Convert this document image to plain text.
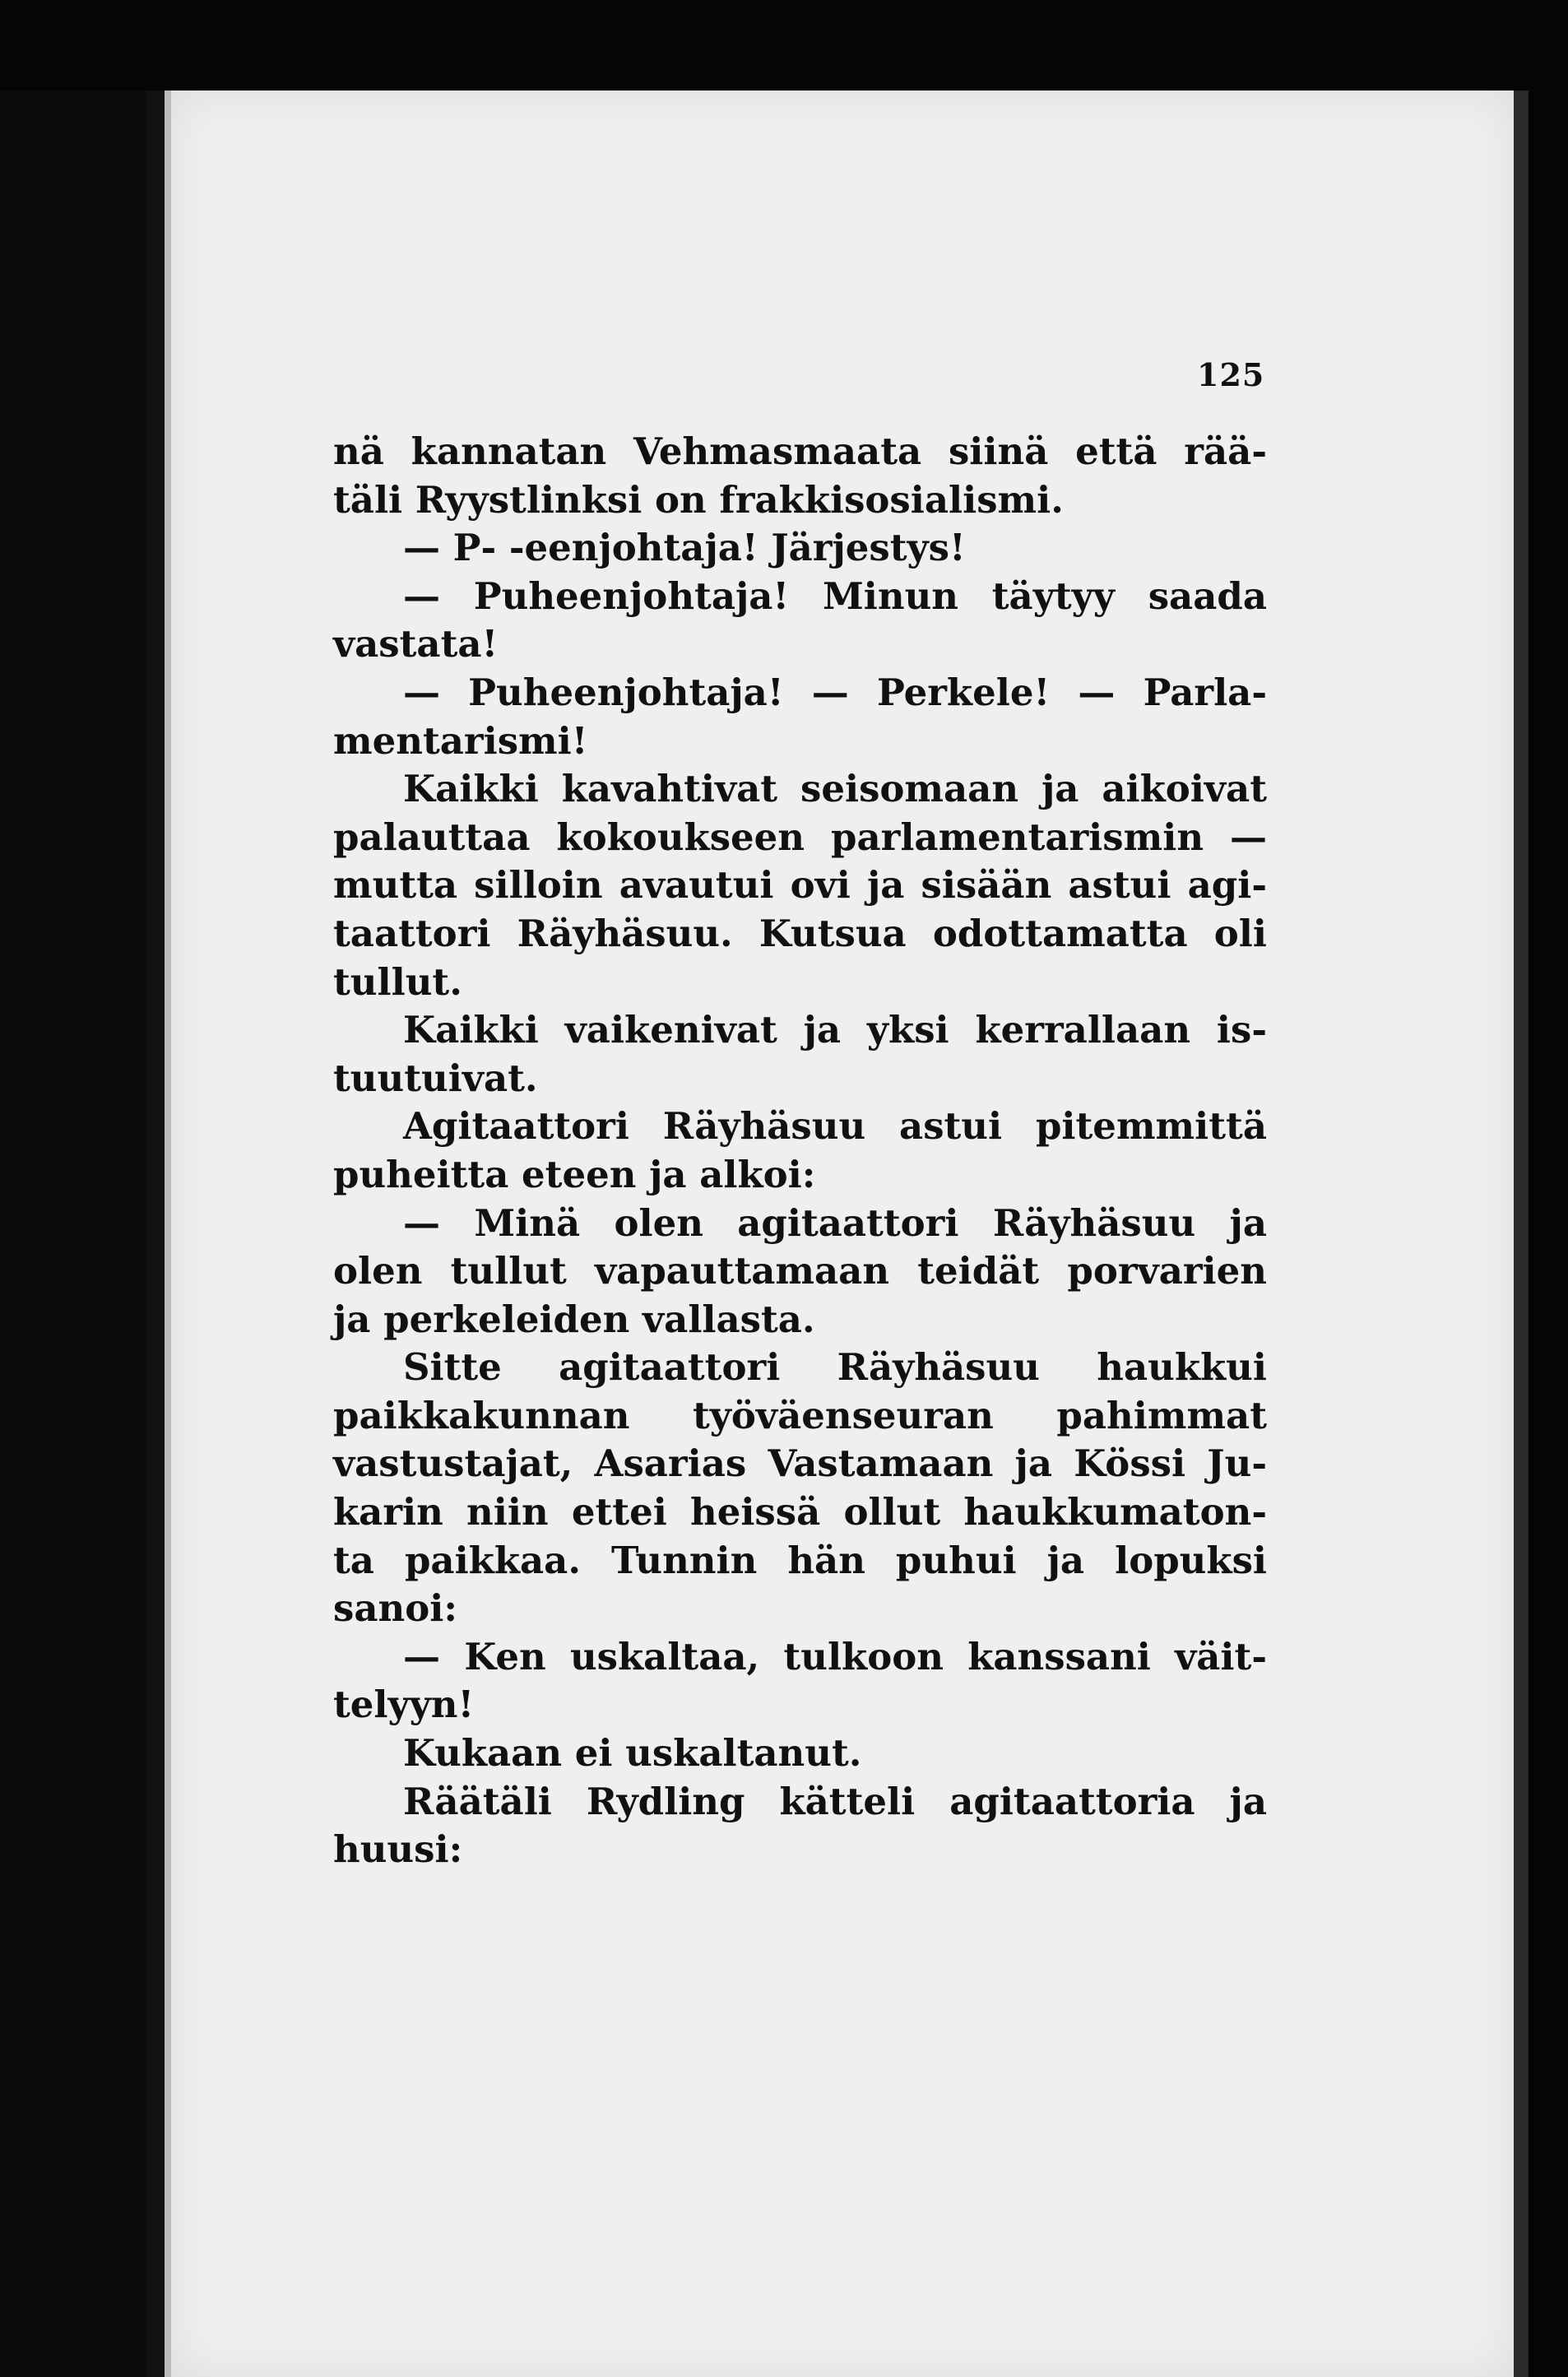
125
nä kannatan Vehmasmaata siinä että rää-
täli Ryystlinksi on frakkisosialismi.
— P‑ ‑eenjohtaja! Järjestys!
— Puheenjohtaja! Minun täytyy saada
vastata!
— Puheenjohtaja! — Perkele! — Parla-
mentarismi!
Kaikki kavahtivat seisomaan ja aikoivat
palauttaa kokoukseen parlamentarismin —
mutta silloin avautui ovi ja sisään astui agi-
taattori Räyhäsuu. Kutsua odottamatta oli
tullut.
Kaikki vaikenivat ja yksi kerrallaan is-
tuutuivat.
Agitaattori Räyhäsuu astui pitemmittä
puheitta eteen ja alkoi:
— Minä olen agitaattori Räyhäsuu ja
olen tullut vapauttamaan teidät porvarien
ja perkeleiden vallasta.
Sitte agitaattori Räyhäsuu haukkui
paikkakunnan työväenseuran pahimmat
vastustajat, Asarias Vastamaan ja Kössi Ju-
karin niin ettei heissä ollut haukkumaton-
ta paikkaa. Tunnin hän puhui ja lopuksi
sanoi:
— Ken uskaltaa, tulkoon kanssani väit-
telyyn!
Kukaan ei uskaltanut.
Räätäli Rydling kätteli agitaattoria ja
huusi:
